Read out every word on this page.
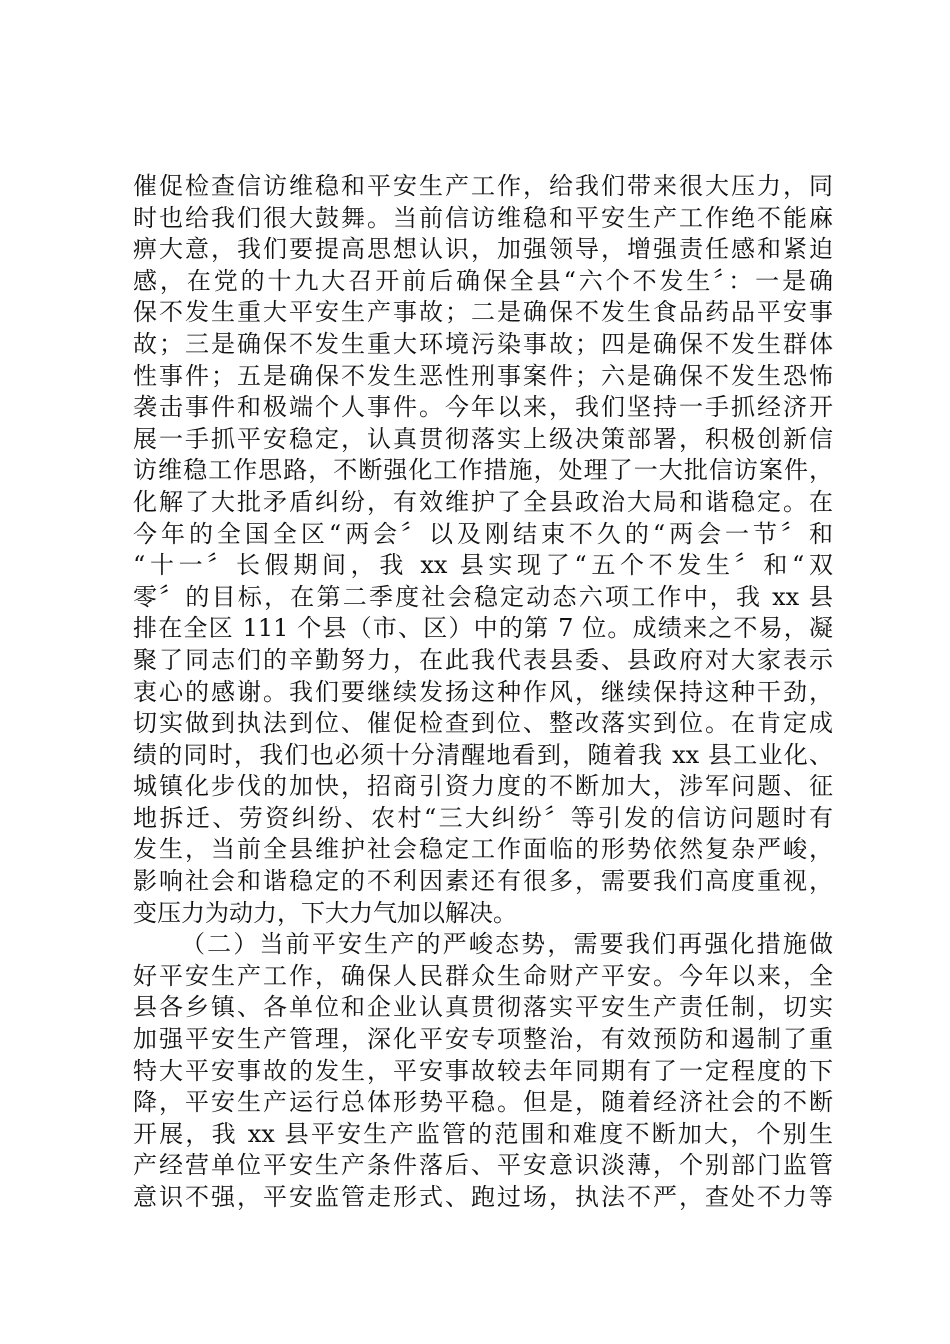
催促检查信访维稳和平安生产工作，给我们带来很大压力，同
时也给我们很大鼓舞。当前信访维稳和平安生产工作绝不能麻
痹大意，我们要提高思想认识，加强领导，增强责任感和紧迫
感，在党的十九大召开前后确保全县“六个不发生〞：一是确
保不发生重大平安生产事故；二是确保不发生食品药品平安事
故；三是确保不发生重大环境污染事故；四是确保不发生群体
性事件；五是确保不发生恶性刑事案件；六是确保不发生恐怖
袭击事件和极端个人事件。今年以来，我们坚持一手抓经济开
展一手抓平安稳定，认真贯彻落实上级决策部署，积极创新信
访维稳工作思路，不断强化工作措施，处理了一大批信访案件，
化解了大批矛盾纠纷，有效维护了全县政治大局和谐稳定。在
今年的全国全区“两会〞以及刚结束不久的“两会一节〞和
“十一〞长假期间，我 xx 县实现了“五个不发生〞和“双
零〞的目标，在第二季度社会稳定动态六项工作中，我 xx 县
排在全区 111 个县（市、区）中的第 7 位。成绩来之不易，凝
聚了同志们的辛勤努力，在此我代表县委、县政府对大家表示
衷心的感谢。我们要继续发扬这种作风，继续保持这种干劲，
切实做到执法到位、催促检查到位、整改落实到位。在肯定成
绩的同时，我们也必须十分清醒地看到，随着我 xx 县工业化、
城镇化步伐的加快，招商引资力度的不断加大，涉军问题、征
地拆迁、劳资纠纷、农村“三大纠纷〞等引发的信访问题时有
发生，当前全县维护社会稳定工作面临的形势依然复杂严峻，
影响社会和谐稳定的不利因素还有很多，需要我们高度重视，
变压力为动力，下大力气加以解决。
（二）当前平安生产的严峻态势，需要我们再强化措施做
好平安生产工作，确保人民群众生命财产平安。今年以来，全
县各乡镇、各单位和企业认真贯彻落实平安生产责任制，切实
加强平安生产管理，深化平安专项整治，有效预防和遏制了重
特大平安事故的发生，平安事故较去年同期有了一定程度的下
降，平安生产运行总体形势平稳。但是，随着经济社会的不断
开展，我 xx 县平安生产监管的范围和难度不断加大，个别生
产经营单位平安生产条件落后、平安意识淡薄，个别部门监管
意识不强，平安监管走形式、跑过场，执法不严，查处不力等
